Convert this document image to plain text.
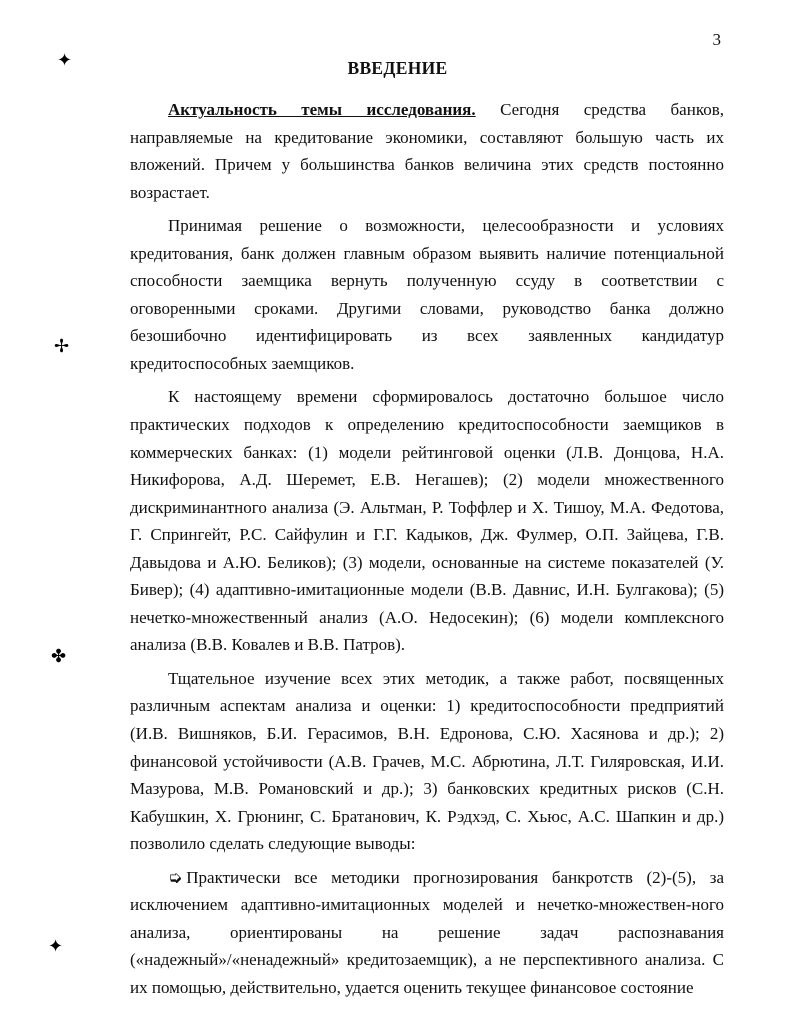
3
ВВЕДЕНИЕ
✦
✢
✤
✦

Актуальность темы исследования. Сегодня средства банков, направляемые на кредитование экономики, составляют большую часть их вложений. Причем у большинства банков величина этих средств постоянно возрастает.

Принимая решение о возможности, целесообразности и условиях кредитования, банк должен главным образом выявить наличие потенциальной способности заемщика вернуть полученную ссуду в соответствии с оговоренными сроками. Другими словами, руководство банка должно безошибочно идентифицировать из всех заявленных кандидатур кредитоспособных заемщиков.

К настоящему времени сформировалось достаточно большое число практических подходов к определению кредитоспособности заемщиков в коммерческих банках: (1) модели рейтинговой оценки (Л.В. Донцова, Н.А. Никифорова, А.Д. Шеремет, Е.В. Негашев); (2) модели множественного дискриминантного анализа (Э. Альтман, Р. Тоффлер и Х. Тишоу, М.А. Федотова, Г. Спрингейт, Р.С. Сайфулин и Г.Г. Кадыков, Дж. Фулмер, О.П. Зайцева, Г.В. Давыдова и А.Ю. Беликов); (3) модели, основанные на системе показателей (У. Бивер); (4) адаптивно-имитационные модели (В.В. Давнис, И.Н. Булгакова); (5) нечетко-множественный анализ (А.О. Недосекин); (6) модели комплексного анализа (В.В. Ковалев и В.В. Патров).

Тщательное изучение всех этих методик, а также работ, посвященных различным аспектам анализа и оценки: 1) кредитоспособности предприятий (И.В. Вишняков, Б.И. Герасимов, В.Н. Едронова, С.Ю. Хасянова и др.); 2) финансовой устойчивости (А.В. Грачев, М.С. Абрютина, Л.Т. Гиляровская, И.И. Мазурова, М.В. Романовский и др.); 3) банковских кредитных рисков (С.Н. Кабушкин, Х. Грюнинг, С. Братанович, К. Рэдхэд, С. Хьюс, А.С. Шапкин и др.) позволило сделать следующие выводы:

➭ Практически все методики прогнозирования банкротств (2)-(5), за исключением адаптивно-имитационных моделей и нечетко-множествен-ного анализа, ориентированы на решение задач распознавания («надежный»/«ненадежный» кредитозаемщик), а не перспективного анализа. С их помощью, действительно, удается оценить текущее финансовое состояние
